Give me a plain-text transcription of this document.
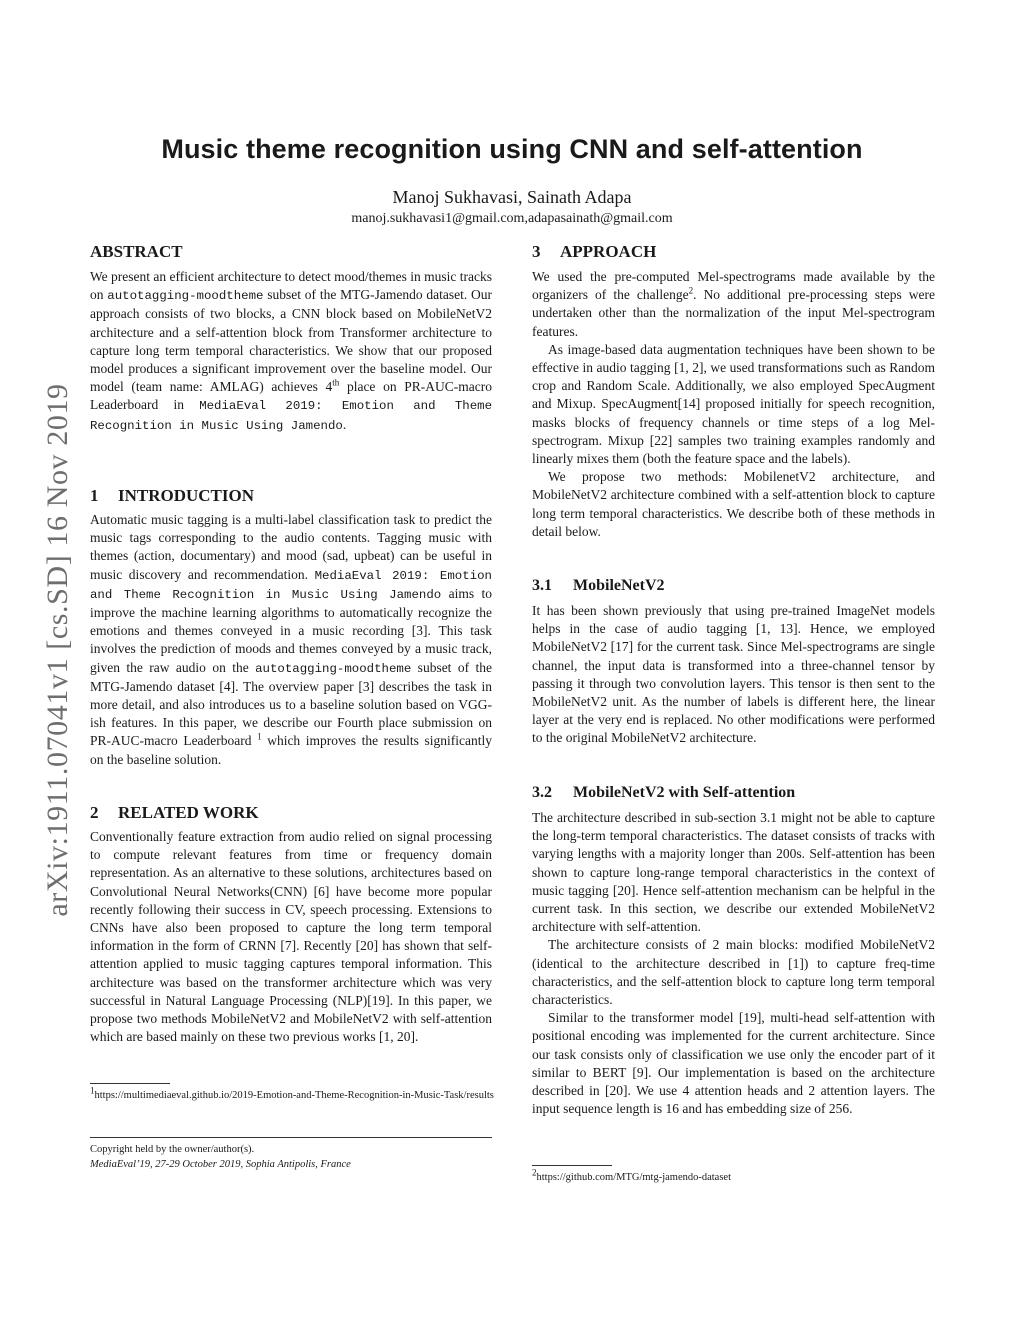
arXiv:1911.07041v1 [cs.SD] 16 Nov 2019
Music theme recognition using CNN and self-attention
Manoj Sukhavasi, Sainath Adapa
manoj.sukhavasi1@gmail.com,adapasainath@gmail.com
ABSTRACT
We present an efficient architecture to detect mood/themes in music tracks on autotagging-moodtheme subset of the MTG-Jamendo dataset. Our approach consists of two blocks, a CNN block based on MobileNetV2 architecture and a self-attention block from Transformer architecture to capture long term temporal characteristics. We show that our proposed model produces a significant improvement over the baseline model. Our model (team name: AMLAG) achieves 4th place on PR-AUC-macro Leaderboard in MediaEval 2019: Emotion and Theme Recognition in Music Using Jamendo.
1 INTRODUCTION
Automatic music tagging is a multi-label classification task to predict the music tags corresponding to the audio contents. Tagging music with themes (action, documentary) and mood (sad, upbeat) can be useful in music discovery and recommendation. MediaEval 2019: Emotion and Theme Recognition in Music Using Jamendo aims to improve the machine learning algorithms to automatically recognize the emotions and themes conveyed in a music recording [3]. This task involves the prediction of moods and themes conveyed by a music track, given the raw audio on the autotagging-moodtheme subset of the MTG-Jamendo dataset [4]. The overview paper [3] describes the task in more detail, and also introduces us to a baseline solution based on VGG-ish features. In this paper, we describe our Fourth place submission on PR-AUC-macro Leaderboard $^1$ which improves the results significantly on the baseline solution.
2 RELATED WORK
Conventionally feature extraction from audio relied on signal processing to compute relevant features from time or frequency domain representation. As an alternative to these solutions, architectures based on Convolutional Neural Networks(CNN) [6] have become more popular recently following their success in CV, speech processing. Extensions to CNNs have also been proposed to capture the long term temporal information in the form of CRNN [7]. Recently [20] has shown that self-attention applied to music tagging captures temporal information. This architecture was based on the transformer architecture which was very successful in Natural Language Processing (NLP)[19]. In this paper, we propose two methods MobileNetV2 and MobileNetV2 with self-attention which are based mainly on these two previous works [1, 20].
$^1$https://multimediaeval.github.io/2019-Emotion-and-Theme-Recognition-in-Music-Task/results
Copyright held by the owner/author(s).
MediaEval’19, 27-29 October 2019, Sophia Antipolis, France
3 APPROACH
We used the pre-computed Mel-spectrograms made available by the organizers of the challenge$^2$. No additional pre-processing steps were undertaken other than the normalization of the input Mel-spectrogram features.
As image-based data augmentation techniques have been shown to be effective in audio tagging [1, 2], we used transformations such as Random crop and Random Scale. Additionally, we also employed SpecAugment and Mixup. SpecAugment[14] proposed initially for speech recognition, masks blocks of frequency channels or time steps of a log Mel-spectrogram. Mixup [22] samples two training examples randomly and linearly mixes them (both the feature space and the labels).
We propose two methods: MobilenetV2 architecture, and MobileNetV2 architecture combined with a self-attention block to capture long term temporal characteristics. We describe both of these methods in detail below.
3.1 MobileNetV2
It has been shown previously that using pre-trained ImageNet models helps in the case of audio tagging [1, 13]. Hence, we employed MobileNetV2 [17] for the current task. Since Mel-spectrograms are single channel, the input data is transformed into a three-channel tensor by passing it through two convolution layers. This tensor is then sent to the MobileNetV2 unit. As the number of labels is different here, the linear layer at the very end is replaced. No other modifications were performed to the original MobileNetV2 architecture.
3.2 MobileNetV2 with Self-attention
The architecture described in sub-section 3.1 might not be able to capture the long-term temporal characteristics. The dataset consists of tracks with varying lengths with a majority longer than 200s. Self-attention has been shown to capture long-range temporal characteristics in the context of music tagging [20]. Hence self-attention mechanism can be helpful in the current task. In this section, we describe our extended MobileNetV2 architecture with self-attention.
The architecture consists of 2 main blocks: modified MobileNetV2 (identical to the architecture described in [1]) to capture freq-time characteristics, and the self-attention block to capture long term temporal characteristics.
Similar to the transformer model [19], multi-head self-attention with positional encoding was implemented for the current architecture. Since our task consists only of classification we use only the encoder part of it similar to BERT [9]. Our implementation is based on the architecture described in [20]. We use 4 attention heads and 2 attention layers. The input sequence length is 16 and has embedding size of 256.
$^2$https://github.com/MTG/mtg-jamendo-dataset
